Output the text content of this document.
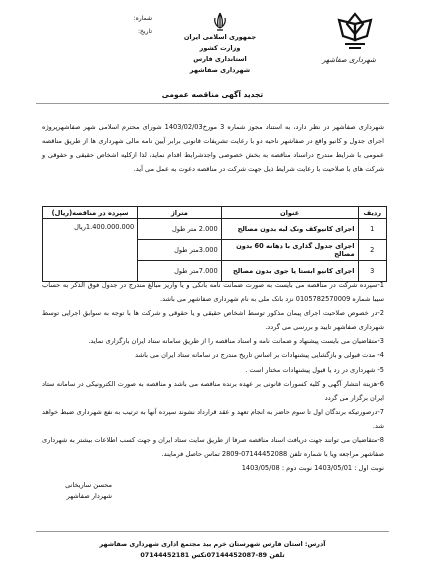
شماره:
تاریخ:
جمهوری اسلامی ایران
وزارت کشور
استانداری فارس
شهرداری صفاشهر
شهرداری صفاشهر
تجدید آگهی مناقصه عمومی

شهرداری صفاشهر در نظر دارد، به استناد مجوز شماره 3 مورخ1403/02/03 شورای محترم اسلامی شهر صفاشهرپروژه اجرای جدول و کانیو واقع در صفاشهر ناحیه دو با رعایت تشریفات قانونی برابر آیین نامه مالی شهرداری ها از طریق مناقصه عمومی با شرایط مندرج دراسناد مناقصه به بخش خصوصی واجدشرایط اقدام نماید، لذا ازکلیه اشخاص حقیقی و حقوقی و شرکت های با صلاحیت با رعایت شرایط ذیل جهت شرکت در مناقصه دعوت به عمل می آید.

ردیف	عنوان	متراژ	سپرده در مناقصه(ریال)
1	اجرای کانیوکف ونک لبه بدون مصالح	2.000 متر طول	1.400.000.000ریال
2	اجرای جدول گذاری با دهانه 60 بدون مصالح	3.000متر طول	
3	اجرای کانیو ابستا یا جوی بدون مصالح	7.000متر طول	

1-سپرده شرکت در مناقصه می بایست به صورت ضمانت نامه بانکی و یا واریز مبالغ مندرج در جدول فوق الذکر به حساب سیبا شماره 0105782570009 نزد بانک ملی به نام شهرداری صفاشهر می باشد.

2-در خصوص صلاحیت اجرای پیمان مذکور توسط اشخاص حقیقی و یا حقوقی و شرکت ها با توجه به سوابق اجرایی توسط شهرداری صفاشهر تایید و بررسی می گردد.

3-متقاضیان می بایست پیشنهاد و ضمانت نامه و اسناد مناقصه را از طریق سامانه ستاد ایران بارگزاری نماید.

4- مدت قبولی و بازگشایی پیشنهادات بر اساس تاریخ مندرج در سامانه ستاد ایران می باشد

5- شهرداری در رد یا قبول پیشنهادات مختار است .

6-هزینه انتشار آگهی و کلیه کسورات قانونی بر عهده برنده مناقصه می باشد و مناقصه به صورت الکترونیکی در سامانه ستاد ایران برگزار می گردد

7-درصورتیکه برندگان اول تا سوم حاضر به انجام تعهد و عقد قرارداد نشوند سپرده آنها به ترتیب به نفع شهرداری ضبط خواهد شد.

8-متقاضیان می توانند جهت دریافت اسناد مناقصه صرفا از طریق سایت ستاد ایران و جهت کسب اطلاعات بیشتر به شهرداری صفاشهر مراجعه ویا با شماره تلفن 07144452088-2809 تماس حاصل فرمایند.

نوبت اول : 1403/05/01 نوبت دوم : 1403/05/08

محسن ساریخانی
شهردار صفاشهر
آدرس: استان فارس شهرستان خرم بید مجتمع اداری شهرداری صفاشهر
تلفن 89-07144452087تکس 07144452181
